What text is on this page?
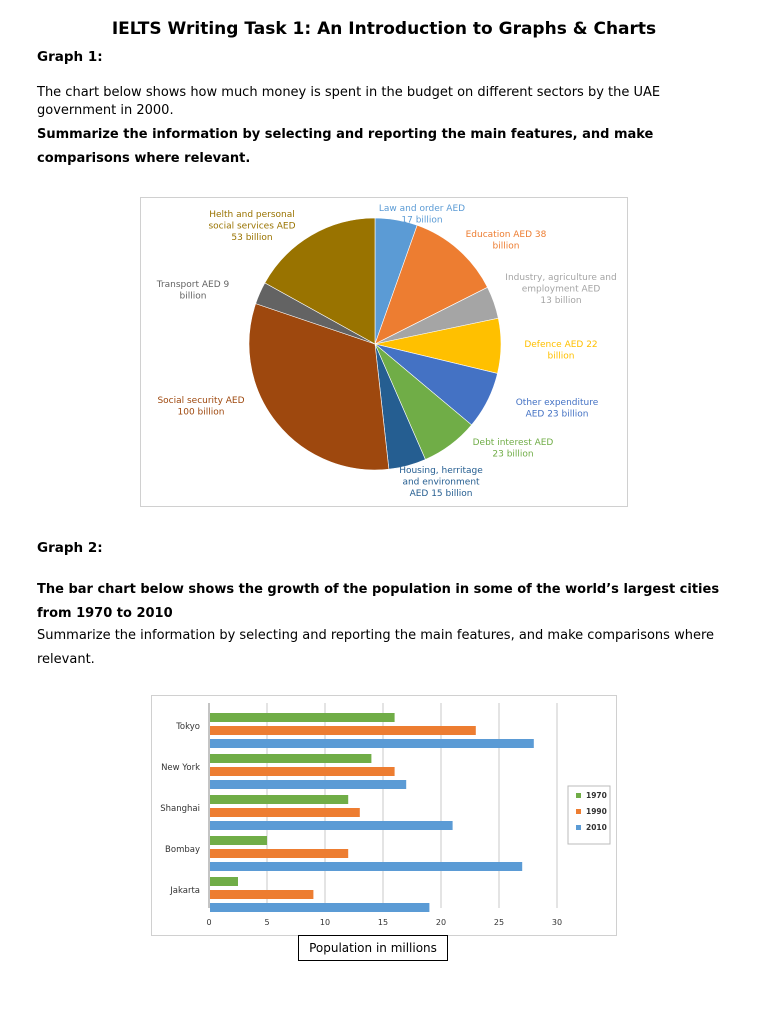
IELTS Writing Task 1: An Introduction to Graphs & Charts
Graph 1:
The chart below shows how much money is spent in the budget on different sectors by the UAE government in 2000.
Summarize the information by selecting and reporting the main features, and make comparisons where relevant.
Law and order AED 17 billion
Education AED 38 billion
Industry, agriculture and employment AED 13 billion
Defence AED 22 billion
Other expenditure AED 23 billion
Debt interest AED 23 billion
Housing, herritage and environment AED 15 billion
Social security AED 100 billion
Transport AED 9 billion
Helth and personal social services AED 53 billion
Graph 2:
The bar chart below shows the growth of the population in some of the world’s largest cities from 1970 to 2010
Summarize the information by selecting and reporting the main features, and make comparisons where relevant.
0	5	10	15	20	25	30
Tokyo
New York
Shanghai
Bombay
Jakarta
1970
1990
2010
Population in millions
